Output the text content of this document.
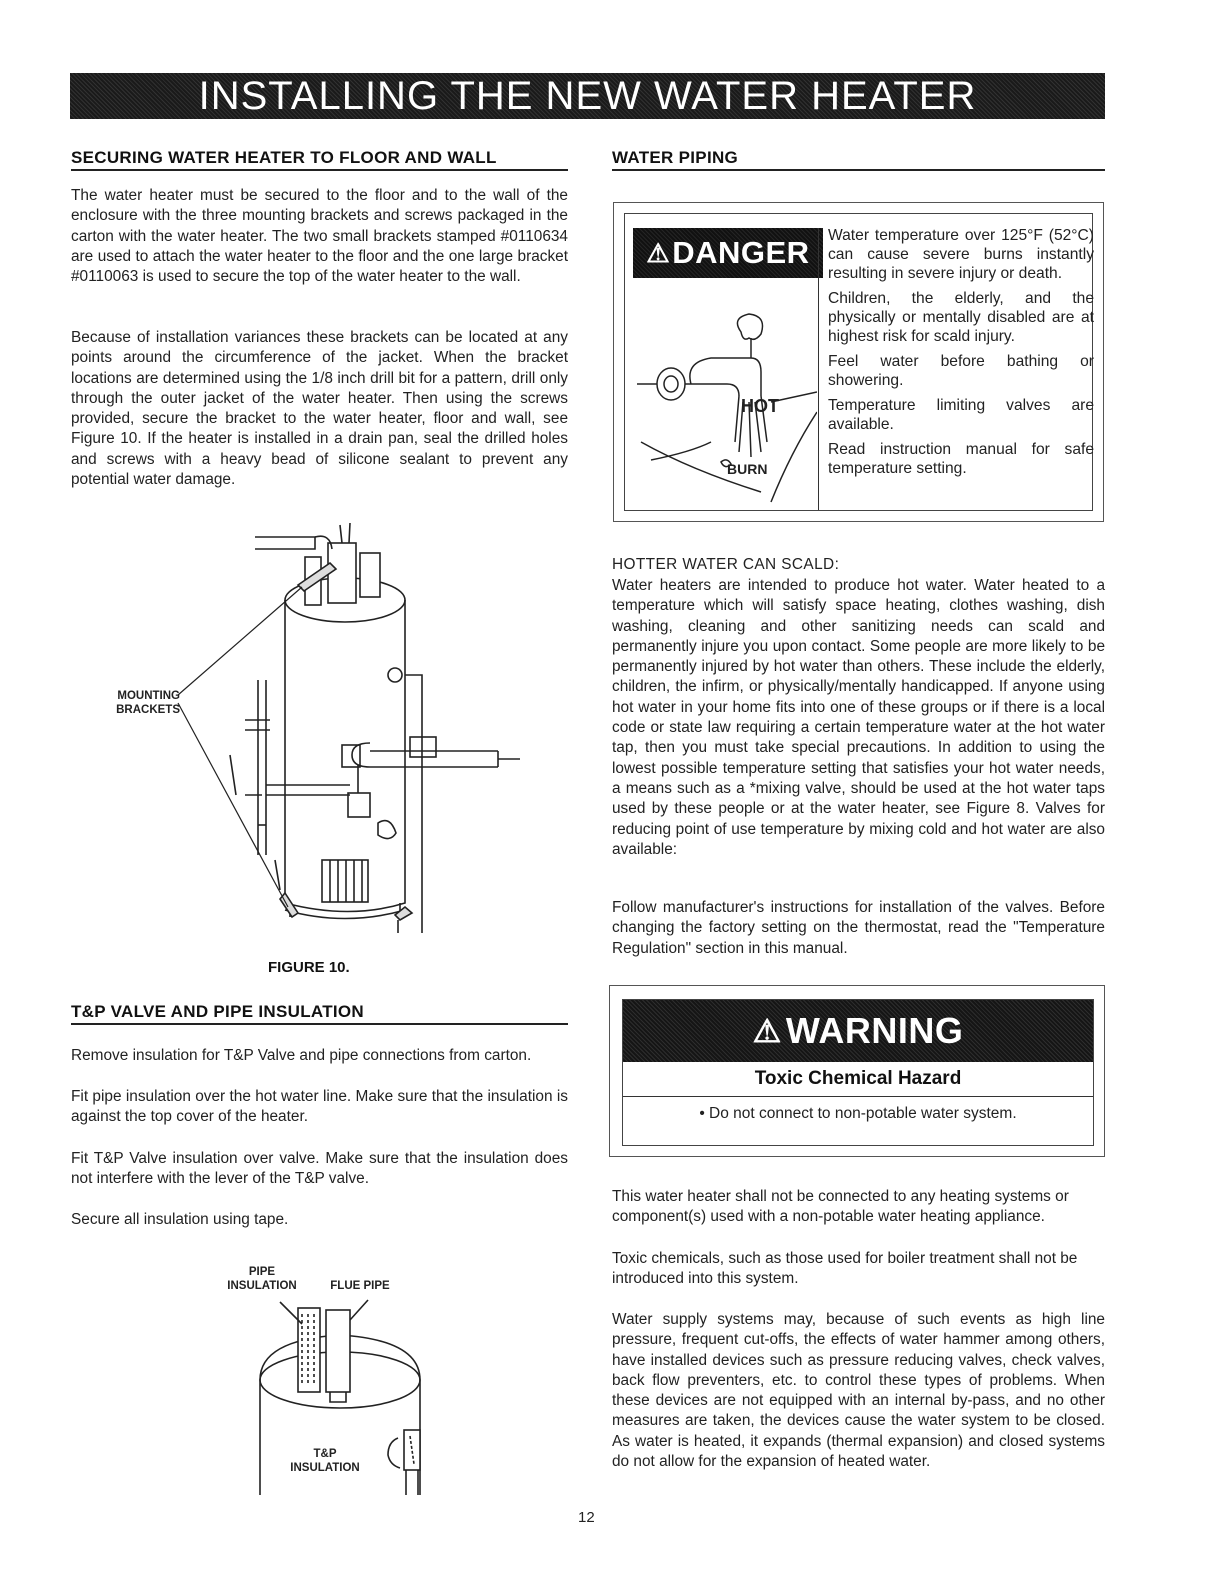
INSTALLING THE NEW WATER HEATER
SECURING WATER HEATER TO FLOOR AND WALL
The water heater must be secured to the floor and to the wall of the enclosure with the three mounting brackets and screws packaged in the carton with the water heater. The two small brackets stamped #0110634 are used to attach the water heater to the floor and the one large bracket #0110063 is used to secure the top of the water heater to the wall.
Because of installation variances these brackets can be located at any points around the circumference of the jacket. When the bracket locations are determined using the 1/8 inch drill bit for a pattern, drill only through the outer jacket of the water heater. Then using the screws provided, secure the bracket to the water heater, floor and wall, see Figure 10. If the heater is installed in a drain pan, seal the drilled holes and screws with a heavy bead of silicone sealant to prevent any potential water damage.
MOUNTING
BRACKETS
FIGURE 10.
T&P VALVE AND PIPE INSULATION
Remove insulation for T&P Valve and pipe connections from carton.
Fit pipe insulation over the hot water line. Make sure that the insulation is against the top cover of the heater.
Fit T&P Valve insulation over valve. Make sure that the insulation does not interfere with the lever of the T&P valve.
Secure all insulation using tape.
PIPE
INSULATION	FLUE PIPE
T&P
INSULATION
WATER PIPING
⚠ DANGER
HOT
BURN

Water temperature over 125°F (52°C) can cause severe burns instantly resulting in severe injury or death.

Children, the elderly, and the physically or mentally disabled are at highest risk for scald injury.

Feel water before bathing or showering.

Temperature limiting valves are available.

Read instruction manual for safe temperature setting.

HOTTER WATER CAN SCALD:
Water heaters are intended to produce hot water. Water heated to a temperature which will satisfy space heating, clothes washing, dish washing, cleaning and other sanitizing needs can scald and permanently injure you upon contact. Some people are more likely to be permanently injured by hot water than others. These include the elderly, children, the infirm, or physically/mentally handicapped. If anyone using hot water in your home fits into one of these groups or if there is a local code or state law requiring a certain temperature water at the hot water tap, then you must take special precautions. In addition to using the lowest possible temperature setting that satisfies your hot water needs, a means such as a *mixing valve, should be used at the hot water taps used by these people or at the water heater, see Figure 8. Valves for reducing point of use temperature by mixing cold and hot water are also available:
Follow manufacturer's instructions for installation of the valves. Before changing the factory setting on the thermostat, read the "Temperature Regulation" section in this manual.
⚠ WARNING
Toxic Chemical Hazard
• Do not connect to non-potable water system.
This water heater shall not be connected to any heating systems or component(s) used with a non-potable water heating appliance.
Toxic chemicals, such as those used for boiler treatment shall not be introduced into this system.
Water supply systems may, because of such events as high line pressure, frequent cut-offs, the effects of water hammer among others, have installed devices such as pressure reducing valves, check valves, back flow preventers, etc. to control these types of problems. When these devices are not equipped with an internal by-pass, and no other measures are taken, the devices cause the water system to be closed. As water is heated, it expands (thermal expansion) and closed systems do not allow for the expansion of heated water.
12
